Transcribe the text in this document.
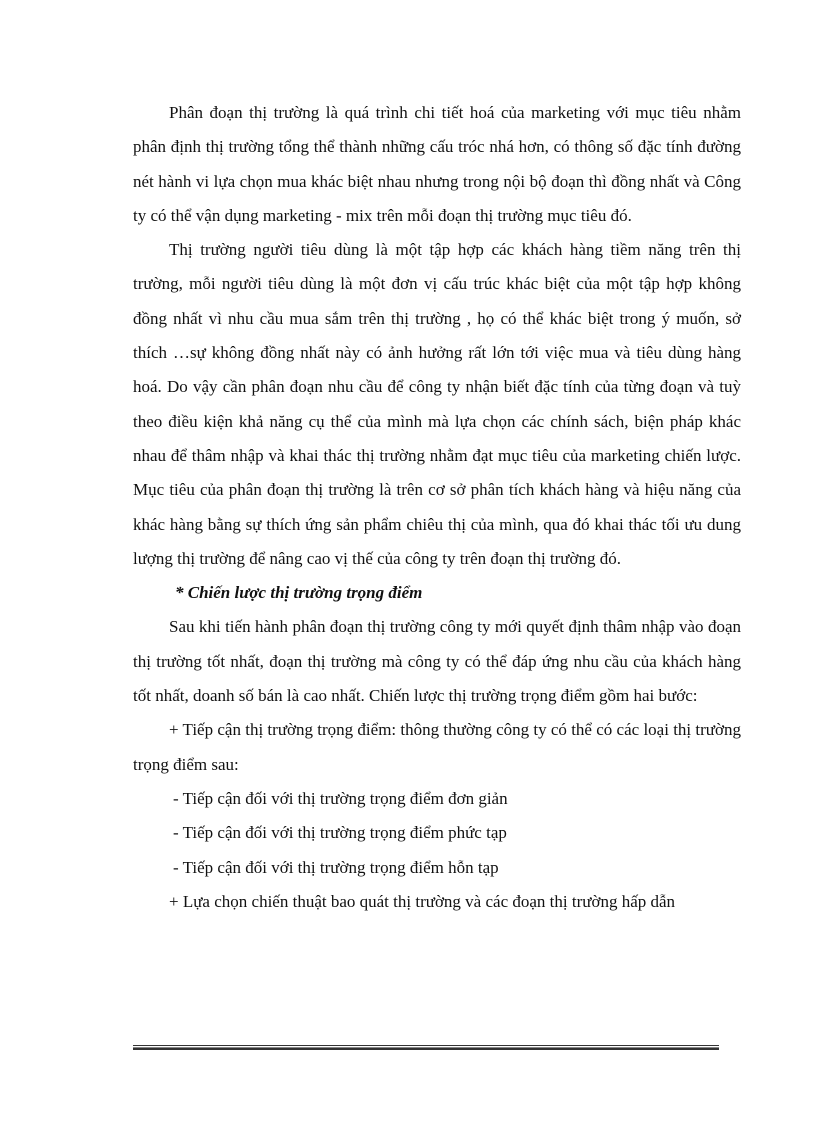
Phân đoạn thị trường là quá trình chi tiết hoá của marketing với mục tiêu nhằm phân định thị trường tổng thể thành những cấu tróc nhá hơn, có thông số đặc tính đường nét hành vi lựa chọn mua khác biệt nhau nhưng trong nội bộ đoạn thì đồng nhất và Công ty có thể vận dụng marketing - mix trên mỗi đoạn thị trường mục tiêu đó.

Thị trường người tiêu dùng là một tập hợp các khách hàng tiềm năng trên thị trường, mỗi người tiêu dùng là một đơn vị cấu trúc khác biệt của một tập hợp không đồng nhất vì nhu cầu mua sắm trên thị trường , họ có thể khác biệt trong ý muốn, sở thích …sự không đồng nhất này có ảnh hưởng rất lớn tới việc mua và tiêu dùng hàng hoá. Do vậy cần phân đoạn nhu cầu để công ty nhận biết đặc tính của từng đoạn và tuỳ theo điều kiện khả năng cụ thể của mình mà lựa chọn các chính sách, biện pháp khác nhau để thâm nhập và khai thác thị trường nhằm đạt mục tiêu của marketing chiến lược. Mục tiêu của phân đoạn thị trường là trên cơ sở phân tích khách hàng và hiệu năng của khác hàng bằng sự thích ứng sản phẩm chiêu thị của mình, qua đó khai thác tối ưu dung lượng thị trường để nâng cao vị thế của công ty trên đoạn thị trường đó.

* Chiến lược thị trường trọng điểm

Sau khi tiến hành phân đoạn thị trường công ty mới quyết định thâm nhập vào đoạn thị trường tốt nhất, đoạn thị trường mà công ty có thể đáp ứng nhu cầu của khách hàng tốt nhất, doanh số bán là cao nhất. Chiến lược thị trường trọng điểm gồm hai bước:

+ Tiếp cận thị trường trọng điểm: thông thường công ty có thể có các loại thị trường trọng điểm sau:

- Tiếp cận đối với thị trường trọng điểm đơn giản

- Tiếp cận đối với thị trường trọng điểm phức tạp

- Tiếp cận đối với thị trường trọng điểm hỗn tạp

+ Lựa chọn chiến thuật bao quát thị trường và các đoạn thị trường hấp dẫn
